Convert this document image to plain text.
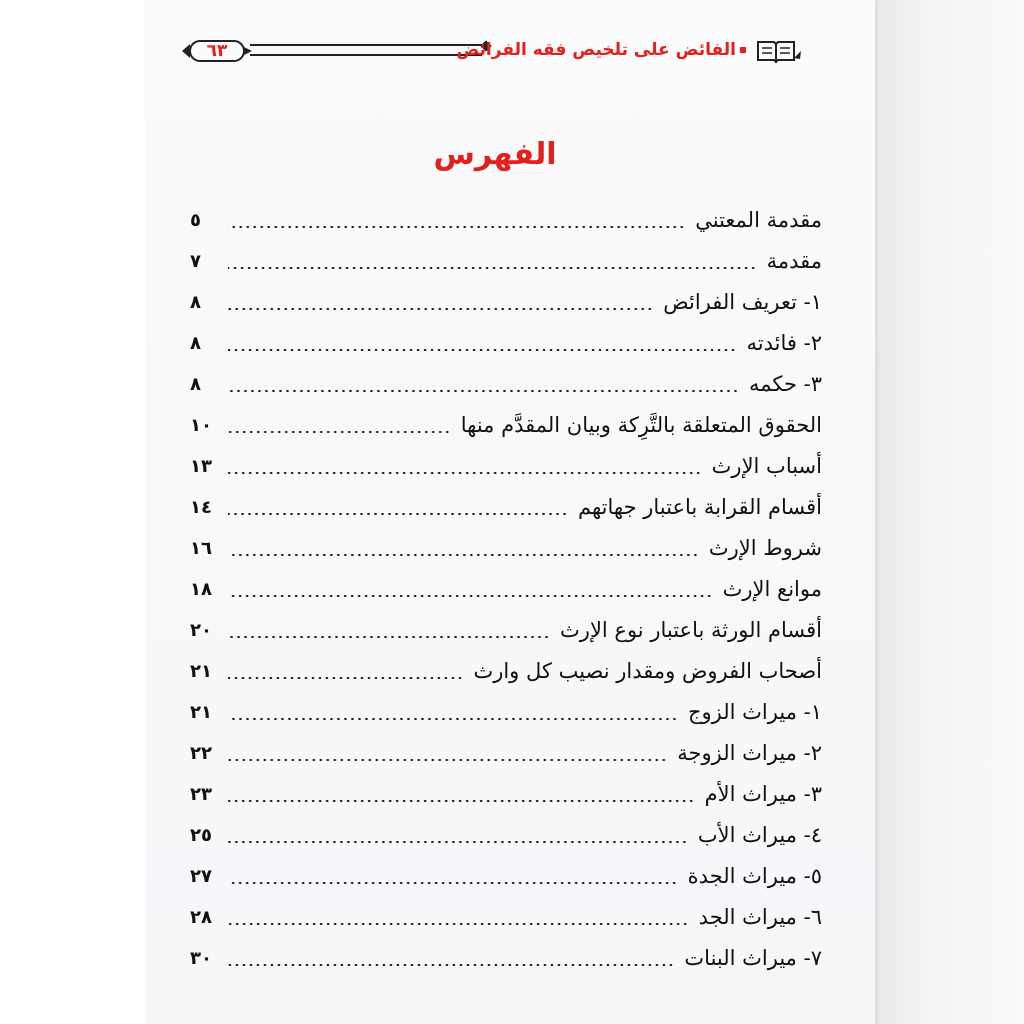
٦٣	الفائض على تلخيص فقه الفرائض
الفهرس
مقدمة المعتني
٥
مقدمة
٧
١- تعريف الفرائض
٨
٢- فائدته
٨
٣- حكمه
٨
الحقوق المتعلقة بالتَّرِكة وبيان المقدَّم منها
١٠
أسباب الإرث
١٣
أقسام القرابة باعتبار جهاتهم
١٤
شروط الإرث
١٦
موانع الإرث
١٨
أقسام الورثة باعتبار نوع الإرث
٢٠
أصحاب الفروض ومقدار نصيب كل وارث
٢١
١- ميراث الزوج
٢١
٢- ميراث الزوجة
٢٢
٣- ميراث الأم
٢٣
٤- ميراث الأب
٢٥
٥- ميراث الجدة
٢٧
٦- ميراث الجد
٢٨
٧- ميراث البنات
٣٠
